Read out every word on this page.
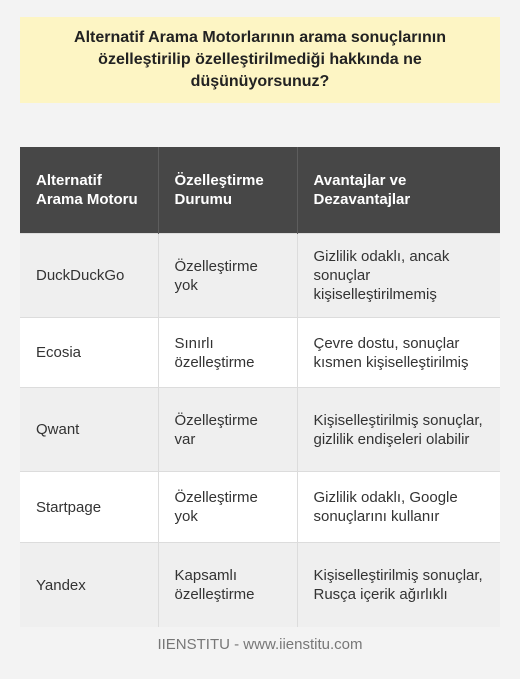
Alternatif Arama Motorlarının arama sonuçlarının özelleştirilip özelleştirilmediği hakkında ne düşünüyorsunuz?
Alternatif Arama Motoru	Özelleştirme Durumu	Avantajlar ve Dezavantajlar
DuckDuckGo	Özelleştirme yok	Gizlilik odaklı, ancak sonuçlar kişiselleştirilmemiş
Ecosia	Sınırlı özelleştirme	Çevre dostu, sonuçlar kısmen kişiselleştirilmiş
Qwant	Özelleştirme var	Kişiselleştirilmiş sonuçlar, gizlilik endişeleri olabilir
Startpage	Özelleştirme yok	Gizlilik odaklı, Google sonuçlarını kullanır
Yandex	Kapsamlı özelleştirme	Kişiselleştirilmiş sonuçlar, Rusça içerik ağırlıklı
IIENSTITU - www.iienstitu.com
